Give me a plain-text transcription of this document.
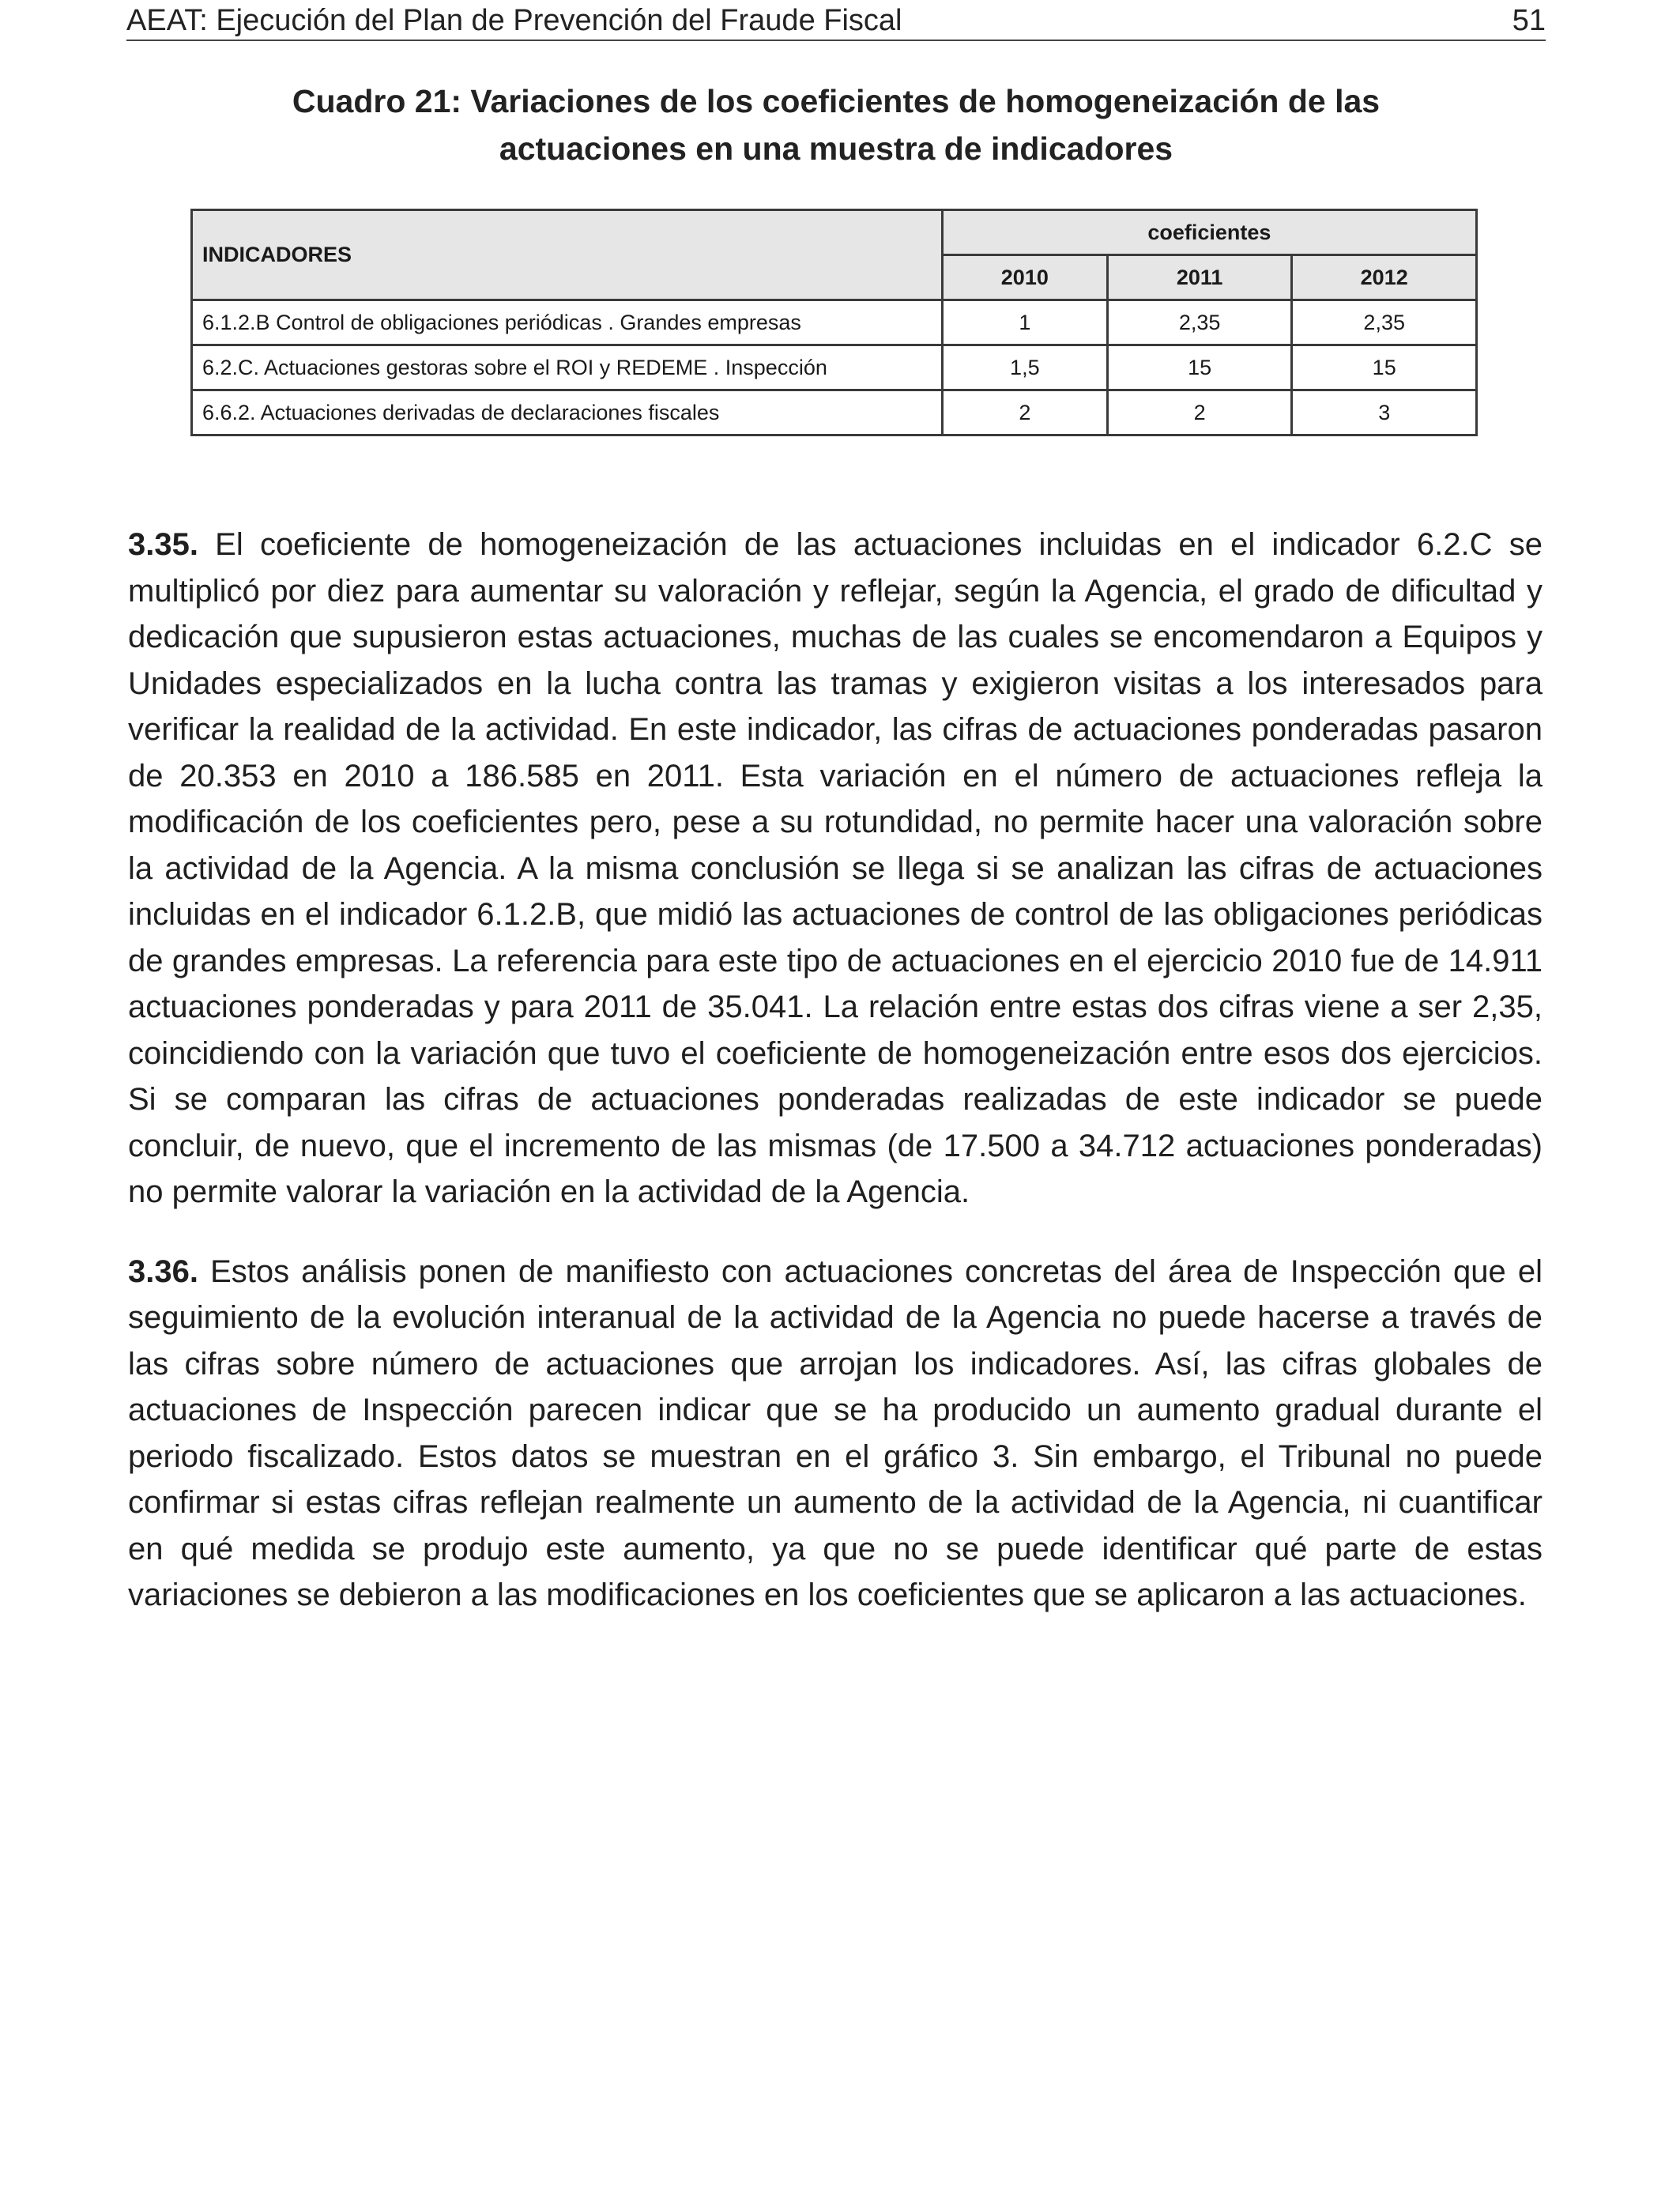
AEAT: Ejecución del Plan de Prevención del Fraude Fiscal	51
Cuadro 21: Variaciones de los coeficientes de homogeneización de las
actuaciones en una muestra de indicadores
INDICADORES	coeficientes		
	2010	2011	2012
6.1.2.B Control de obligaciones periódicas . Grandes empresas	1	2,35	2,35
6.2.C. Actuaciones gestoras sobre el ROI y REDEME . Inspección	1,5	15	15
6.6.2. Actuaciones derivadas de declaraciones fiscales	2	2	3

3.35. El coeficiente de homogeneización de las actuaciones incluidas en el indicador 6.2.C se multiplicó por diez para aumentar su valoración y reflejar, según la Agencia, el grado de dificultad y dedicación que supusieron estas actuaciones, muchas de las cuales se encomendaron a Equipos y Unidades especializados en la lucha contra las tramas y exigieron visitas a los interesados para verificar la realidad de la actividad. En este indicador, las cifras de actuaciones ponderadas pasaron de 20.353 en 2010 a 186.585 en 2011. Esta variación en el número de actuaciones refleja la modificación de los coeficientes pero, pese a su rotundidad, no permite hacer una valoración sobre la actividad de la Agencia. A la misma conclusión se llega si se analizan las cifras de actuaciones incluidas en el indicador 6.1.2.B, que midió las actuaciones de control de las obligaciones periódicas de grandes empresas. La referencia para este tipo de actuaciones en el ejercicio 2010 fue de 14.911 actuaciones ponderadas y para 2011 de 35.041. La relación entre estas dos cifras viene a ser 2,35, coincidiendo con la variación que tuvo el coeficiente de homogeneización entre esos dos ejercicios. Si se comparan las cifras de actuaciones ponderadas realizadas de este indicador se puede concluir, de nuevo, que el incremento de las mismas (de 17.500 a 34.712 actuaciones ponderadas) no permite valorar la variación en la actividad de la Agencia.

3.36. Estos análisis ponen de manifiesto con actuaciones concretas del área de Inspección que el seguimiento de la evolución interanual de la actividad de la Agencia no puede hacerse a través de las cifras sobre número de actuaciones que arrojan los indicadores. Así, las cifras globales de actuaciones de Inspección parecen indicar que se ha producido un aumento gradual durante el periodo fiscalizado. Estos datos se muestran en el gráfico 3. Sin embargo, el Tribunal no puede confirmar si estas cifras reflejan realmente un aumento de la actividad de la Agencia, ni cuantificar en qué medida se produjo este aumento, ya que no se puede identificar qué parte de estas variaciones se debieron a las modificaciones en los coeficientes que se aplicaron a las actuaciones.
